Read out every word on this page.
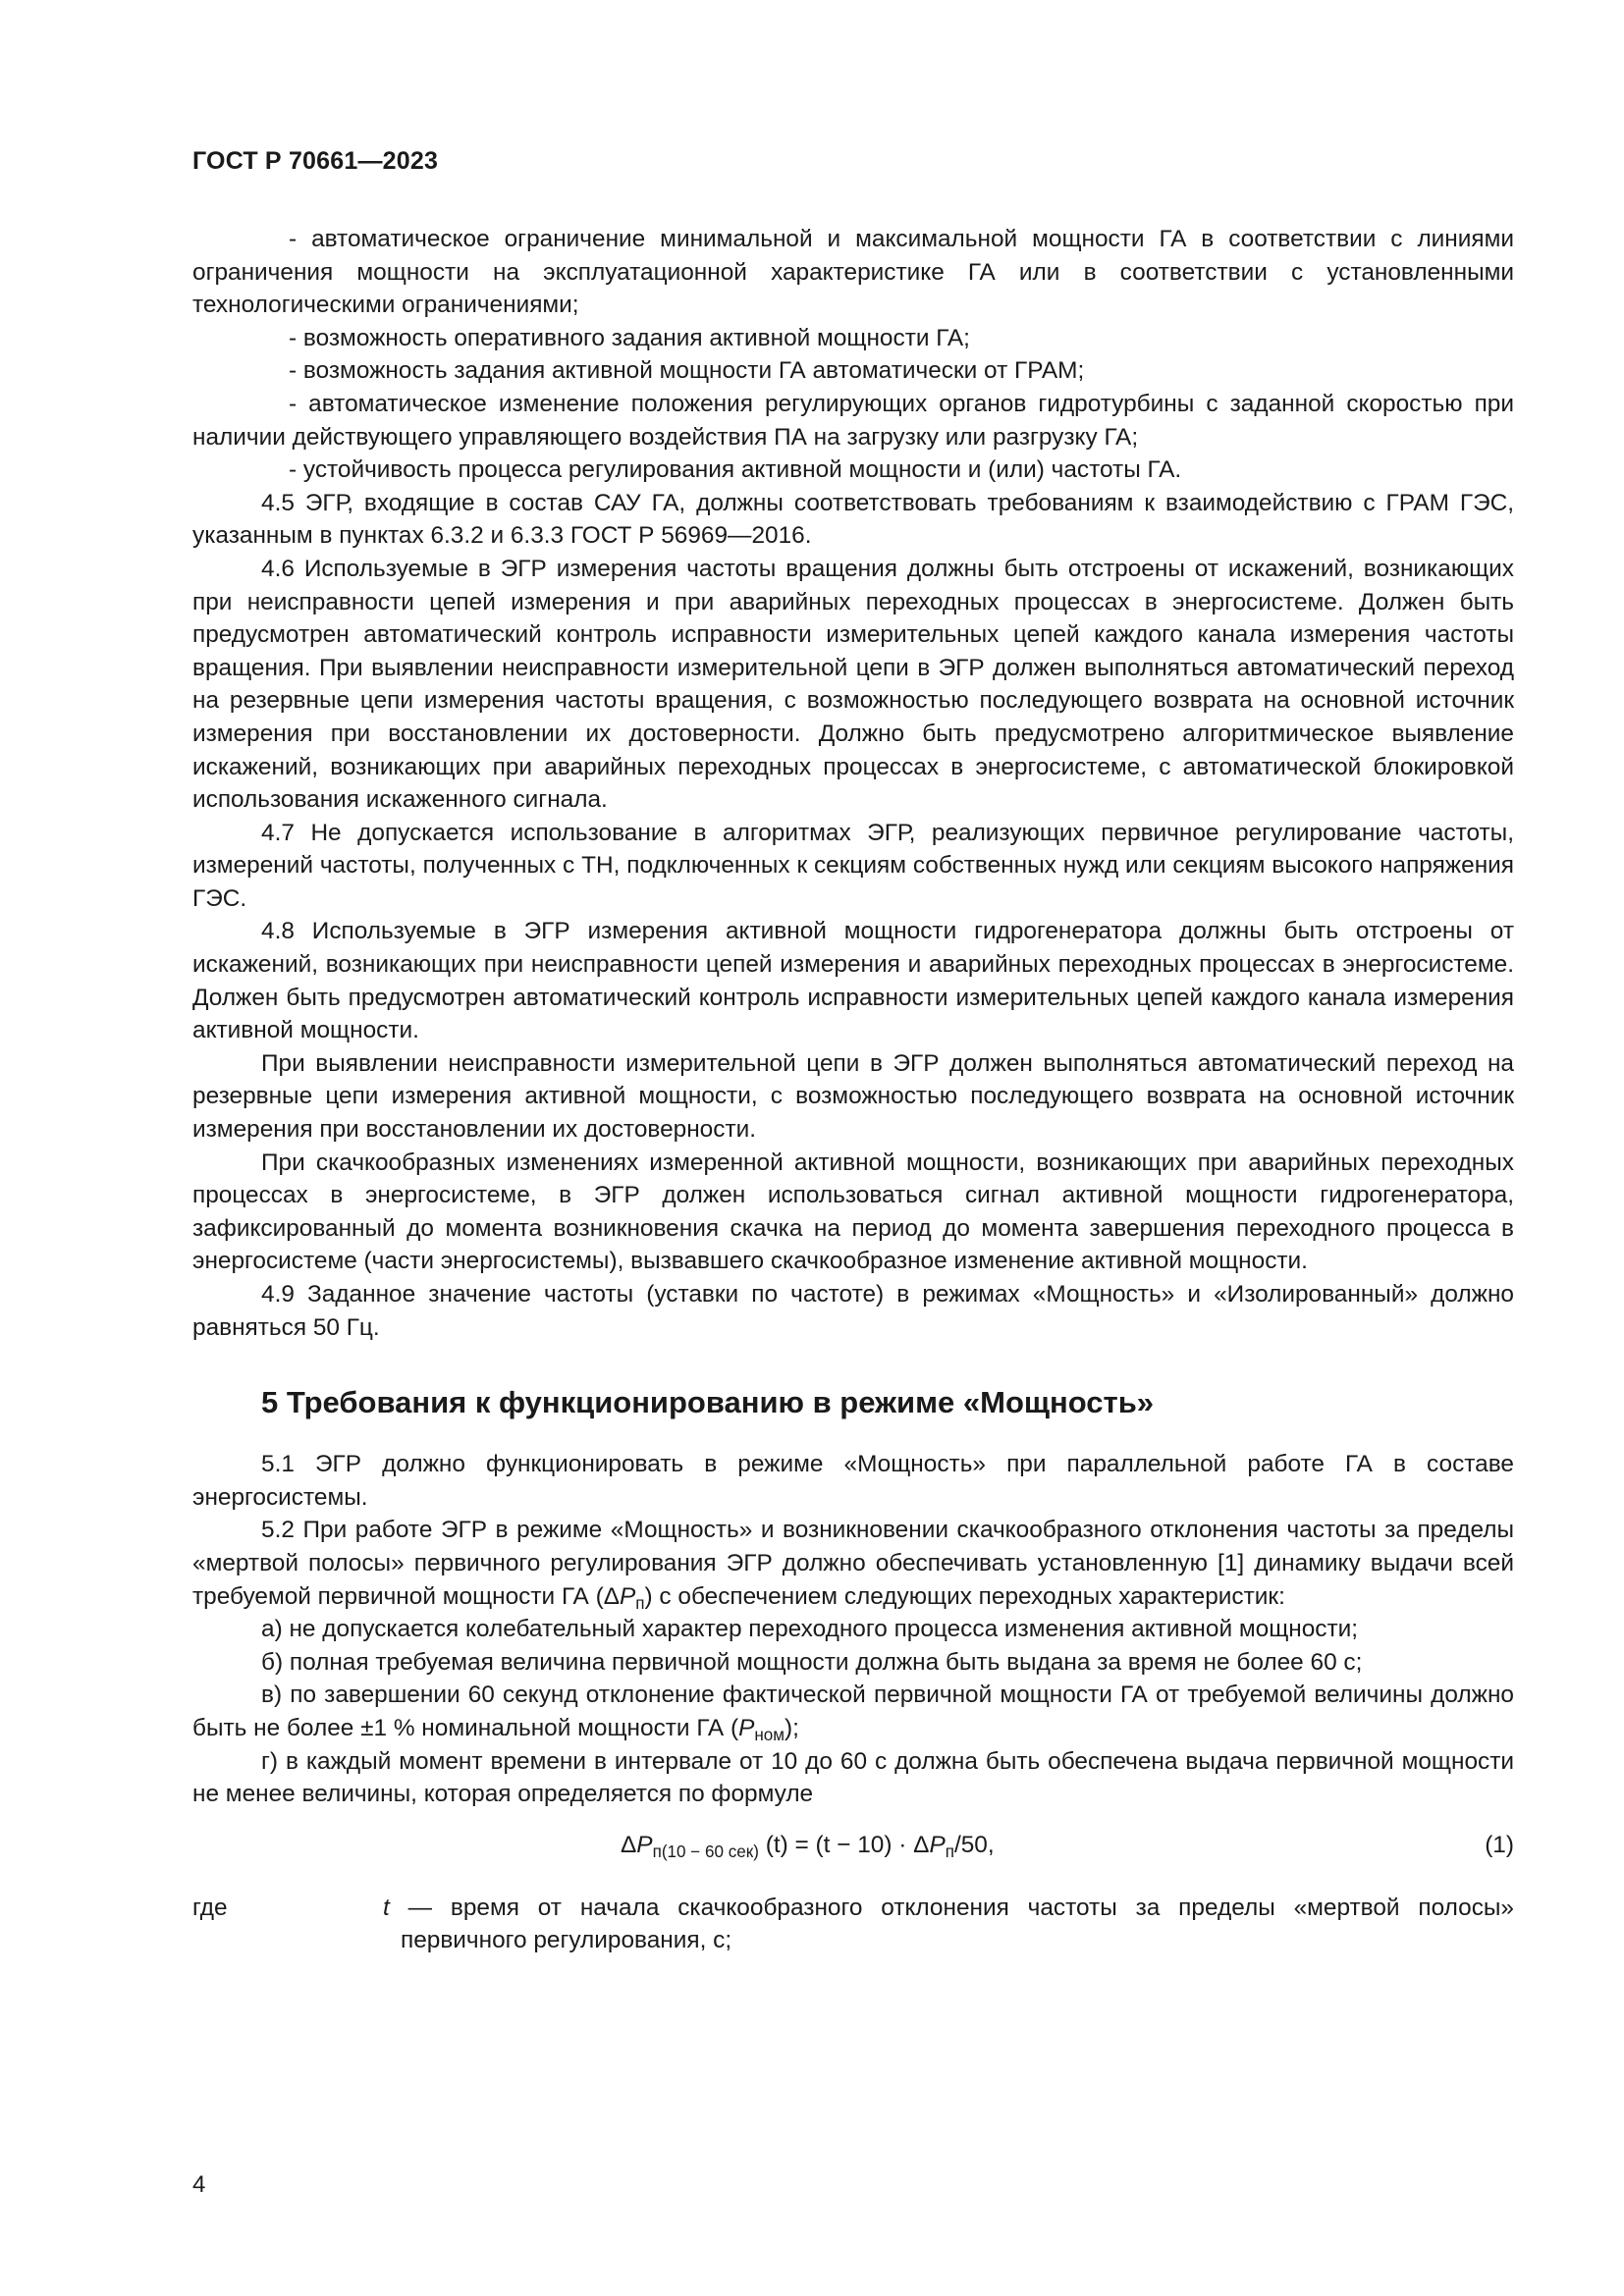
ГОСТ Р 70661—2023

- автоматическое ограничение минимальной и максимальной мощности ГА в соответствии с линиями ограничения мощности на эксплуатационной характеристике ГА или в соответствии с установленными технологическими ограничениями;

- возможность оперативного задания активной мощности ГА;

- возможность задания активной мощности ГА автоматически от ГРАМ;

- автоматическое изменение положения регулирующих органов гидротурбины с заданной скоростью при наличии действующего управляющего воздействия ПА на загрузку или разгрузку ГА;

- устойчивость процесса регулирования активной мощности и (или) частоты ГА.

4.5 ЭГР, входящие в состав САУ ГА, должны соответствовать требованиям к взаимодействию с ГРАМ ГЭС, указанным в пунктах 6.3.2 и 6.3.3 ГОСТ Р 56969—2016.

4.6 Используемые в ЭГР измерения частоты вращения должны быть отстроены от искажений, возникающих при неисправности цепей измерения и при аварийных переходных процессах в энергосистеме. Должен быть предусмотрен автоматический контроль исправности измерительных цепей каждого канала измерения частоты вращения. При выявлении неисправности измерительной цепи в ЭГР должен выполняться автоматический переход на резервные цепи измерения частоты вращения, с возможностью последующего возврата на основной источник измерения при восстановлении их достоверности. Должно быть предусмотрено алгоритмическое выявление искажений, возникающих при аварийных переходных процессах в энергосистеме, с автоматической блокировкой использования искаженного сигнала.

4.7 Не допускается использование в алгоритмах ЭГР, реализующих первичное регулирование частоты, измерений частоты, полученных с ТН, подключенных к секциям собственных нужд или секциям высокого напряжения ГЭС.

4.8 Используемые в ЭГР измерения активной мощности гидрогенератора должны быть отстроены от искажений, возникающих при неисправности цепей измерения и аварийных переходных процессах в энергосистеме. Должен быть предусмотрен автоматический контроль исправности измерительных цепей каждого канала измерения активной мощности.

При выявлении неисправности измерительной цепи в ЭГР должен выполняться автоматический переход на резервные цепи измерения активной мощности, с возможностью последующего возврата на основной источник измерения при восстановлении их достоверности.

При скачкообразных изменениях измеренной активной мощности, возникающих при аварийных переходных процессах в энергосистеме, в ЭГР должен использоваться сигнал активной мощности гидрогенератора, зафиксированный до момента возникновения скачка на период до момента завершения переходного процесса в энергосистеме (части энергосистемы), вызвавшего скачкообразное изменение активной мощности.

4.9 Заданное значение частоты (уставки по частоте) в режимах «Мощность» и «Изолированный» должно равняться 50 Гц.

5 Требования к функционированию в режиме «Мощность»

5.1 ЭГР должно функционировать в режиме «Мощность» при параллельной работе ГА в составе энергосистемы.

5.2 При работе ЭГР в режиме «Мощность» и возникновении скачкообразного отклонения частоты за пределы «мертвой полосы» первичного регулирования ЭГР должно обеспечивать установленную [1] динамику выдачи всей требуемой первичной мощности ГА $(\Delta P_п)$ с обеспечением следующих переходных характеристик:

а) не допускается колебательный характер переходного процесса изменения активной мощности;

б) полная требуемая величина первичной мощности должна быть выдана за время не более 60 с;

в) по завершении 60 секунд отклонение фактической первичной мощности ГА от требуемой величины должно быть не более ±1 % номинальной мощности ГА $(P_{ном})$;

г) в каждый момент времени в интервале от 10 до 60 с должна быть обеспечена выдача первичной мощности не менее величины, которая определяется по формуле

$\Delta P_{п(10 - 60 сек)}$ $(t) = (t - 10) \cdot \Delta P_п/50$,	(1)
где	t — время от начала скачкообразного отклонения частоты за пределы «мертвой полосы» первичного регулирования, с;

4
